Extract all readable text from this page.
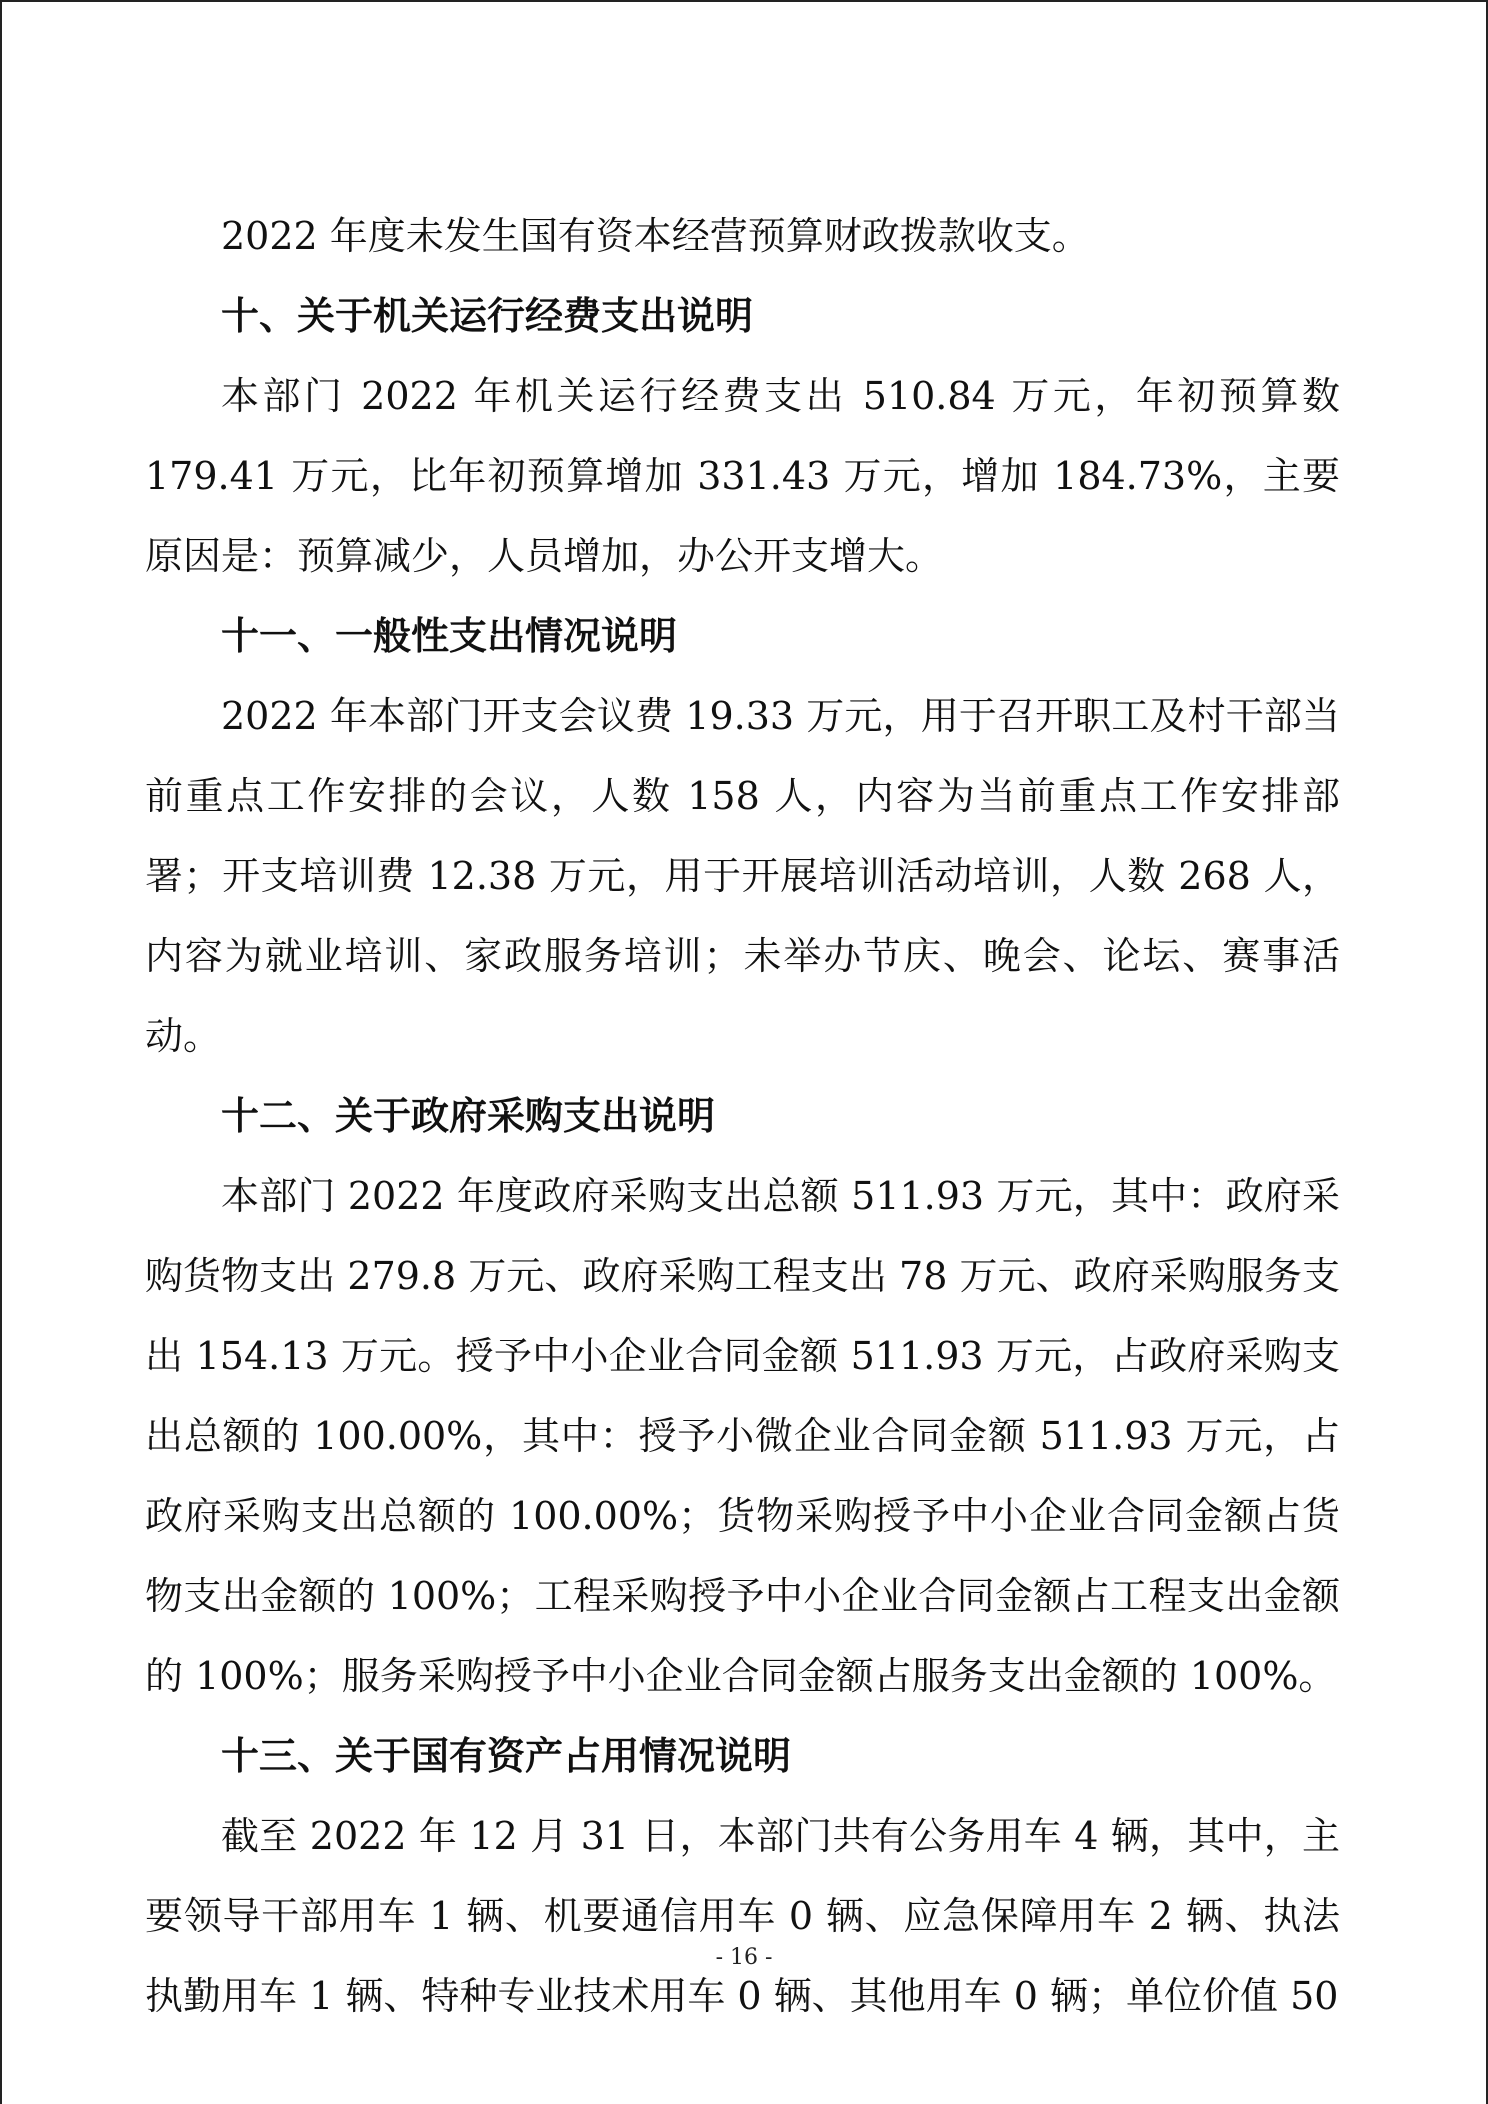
2022 年度未发生国有资本经营预算财政拨款收支。

十、关于机关运行经费支出说明

本部门 2022 年机关运行经费支出 510.84 万元，年初预算数 179.41 万元，比年初预算增加 331.43 万元，增加 184.73%，主要原因是：预算减少，人员增加，办公开支增大。

十一、一般性支出情况说明

2022 年本部门开支会议费 19.33 万元，用于召开职工及村干部当前重点工作安排的会议，人数 158 人，内容为当前重点工作安排部署；开支培训费 12.38 万元，用于开展培训活动培训，人数 268 人，内容为就业培训、家政服务培训；未举办节庆、晚会、论坛、赛事活动。

十二、关于政府采购支出说明

本部门 2022 年度政府采购支出总额 511.93 万元，其中：政府采购货物支出 279.8 万元、政府采购工程支出 78 万元、政府采购服务支出 154.13 万元。授予中小企业合同金额 511.93 万元，占政府采购支出总额的 100.00%，其中：授予小微企业合同金额 511.93 万元，占政府采购支出总额的 100.00%；货物采购授予中小企业合同金额占货物支出金额的 100%；工程采购授予中小企业合同金额占工程支出金额的 100%；服务采购授予中小企业合同金额占服务支出金额的 100%。

十三、关于国有资产占用情况说明

截至 2022 年 12 月 31 日，本部门共有公务用车 4 辆，其中，主要领导干部用车 1 辆、机要通信用车 0 辆、应急保障用车 2 辆、执法执勤用车 1 辆、特种专业技术用车 0 辆、其他用车 0 辆；单位价值 50

- 16 -
